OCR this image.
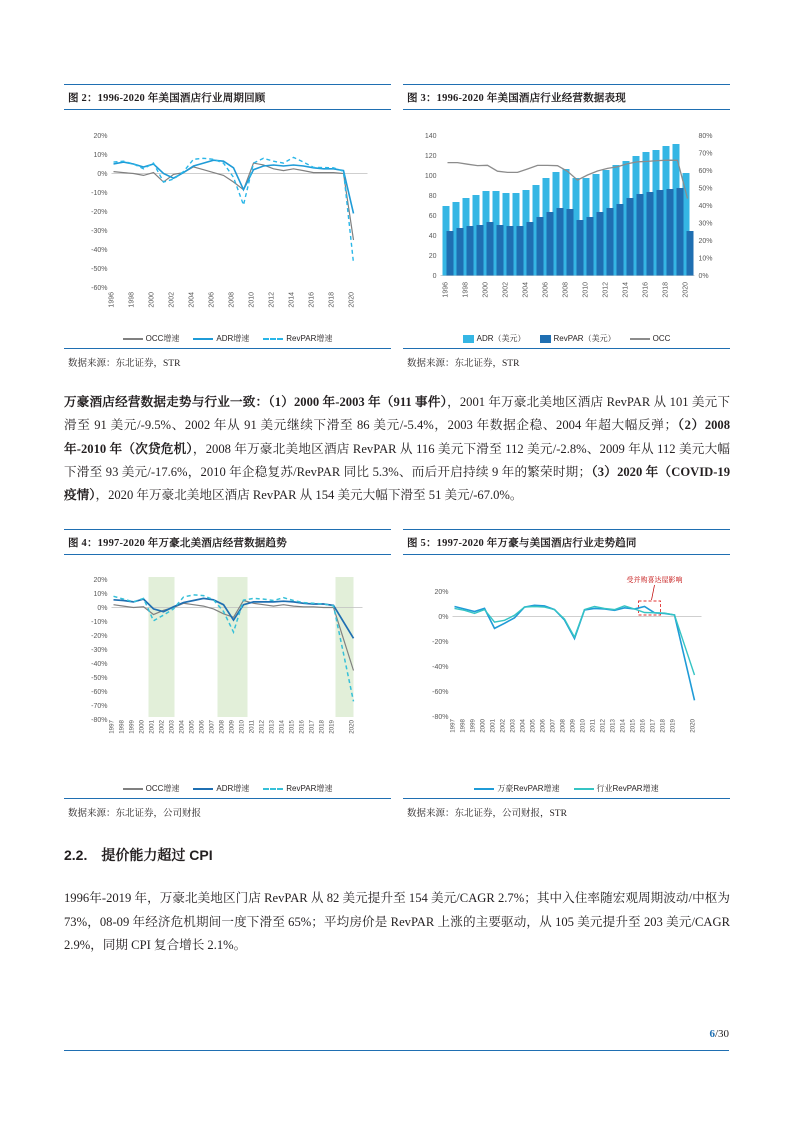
图 2：1996-2020 年美国酒店行业周期回顾
20%
10%
0%
-10%
-20%
-30%
-40%
-50%
-60%
1996 1998 2000 2002 2004 2006 2008 2010 2012 2014 2016 2018 2020
OCC增速	ADR增速	RevPAR增速
数据来源：东北证券，STR
图 3：1996-2020 年美国酒店行业经营数据表现
140
120
100
80
60
40
20
0
80%
70%
60%
50%
40%
30%
20%
10%
0%
1996 1998 2000 2002 2004 2006 2008 2010 2012 2014 2016 2018 2020
ADR（美元）	RevPAR（美元）	OCC
数据来源：东北证券，STR

万豪酒店经营数据走势与行业一致：（1）2000 年-2003 年（911 事件），2001 年万豪北美地区酒店 RevPAR 从 101 美元下滑至 91 美元/-9.5%、2002 年从 91 美元继续下滑至 86 美元/-5.4%，2003 年数据企稳、2004 年超大幅反弹；（2）2008 年-2010 年（次贷危机），2008 年万豪北美地区酒店 RevPAR 从 116 美元下滑至 112 美元/-2.8%、2009 年从 112 美元大幅下滑至 93 美元/-17.6%，2010 年企稳复苏/RevPAR 同比 5.3%、而后开启持续 9 年的繁荣时期；（3）2020 年（COVID-19 疫情），2020 年万豪北美地区酒店 RevPAR 从 154 美元大幅下滑至 51 美元/-67.0%。

图 4：1997-2020 年万豪北美酒店经营数据趋势
20%
10%
0%
-10%
-20%
-30%
-40%
-50%
-60%
-70%
-80% 1997 1998 1999 2000 2001 2002 2003 2004 2005 2006 2007 2008 2009 2010 2011 2012 2013 2014 2015 2016 2017 2018 2019 2020
OCC增速	ADR增速	RevPAR增速
数据来源：东北证券，公司财报
图 5：1997-2020 年万豪与美国酒店行业走势趋同
20%
0%
-20%
-40%
-60%
-80%
受并购喜达屋影响
1997 1998 1999 2000 2001 2002 2003 2004 2005 2006 2007 2008 2009 2010 2011 2012 2013 2014 2015 2016 2017 2018 2019 2020
万豪RevPAR增速	行业RevPAR增速
数据来源：东北证券，公司财报，STR
2.2. 提价能力超过 CPI

1996年-2019 年，万豪北美地区门店 RevPAR 从 82 美元提升至 154 美元/CAGR 2.7%；其中入住率随宏观周期波动/中枢为 73%，08-09 年经济危机期间一度下滑至 65%；平均房价是 RevPAR 上涨的主要驱动，从 105 美元提升至 203 美元/CAGR 2.9%，同期 CPI 复合增长 2.1%。

6/30
